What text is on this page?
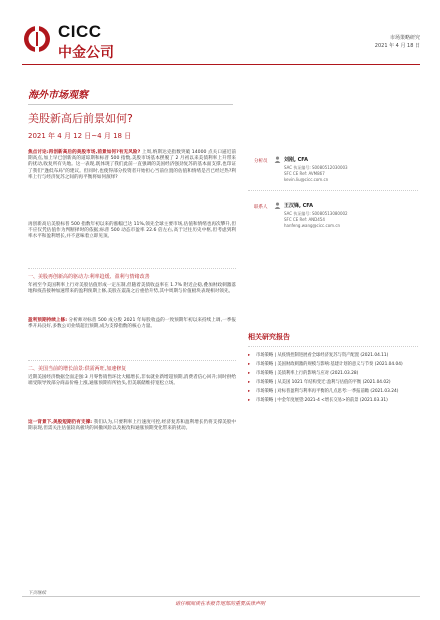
CICC
中金公司
市场策略研究
2021 年 4 月 18 日
海外市场观察
美股新高后前景如何?
2021 年 4 月 12 日~4 月 18 日
焦点讨论:再创新高后的美股市场,前景如何?有无风险? 上周,纳斯达克指数突破 14000 点关口逼近前期高点,加上早已创新高的道琼斯和标普 500 指数,美股市场基本摆脱了 2 月初以来美债利率上升带来的扰动,收复所有失地。这一表现,既体现了我们此前一直强调的美国经济强劲复苏的基本面支撑,也印证了我们“逢低布局”的建议。但同时,也使得部分投资者开始担心当前位置的估值和情绪是否已经过热?利率上行与经济复苏之间的再平衡将如何演绎?
再创新高后美股标普 500 指数年初以来的涨幅已达 11%,领先全球主要市场,估值和情绪也再次攀升,但不应仅凭估值作为判断择时的依据;标普 500 动态市盈率 22.6 倍左右,高于过往历史中枢,但考虑到利率水平和盈利增长,并不意味着立即见顶。
一、美股再创新高的驱动力:利率趋缓、盈利与情绪改善
年初至今美国利率上行对美股估值形成一定压制,但随着美债收益率在 1.7% 附近企稳,叠加财政刺激落地和疫苗接种加速带来的盈利预期上修,美股在震荡之后重拾升势,其中周期与价值板块表现相对领先。
盈利预期持续上修: 分析师对标普 500 成分股 2021 年每股收益的一致预期年初以来持续上调,一季报季开局良好,多数公司业绩超出预期,成为支撑指数的核心力量。
二、美国当前的增长前景:供需两旺,加速修复
近期美国经济数据全面走强:3 月零售销售环比大幅增长,非农就业新增超预期,消费者信心回升;同时供给端受限导致部分商品价格上涨,通胀预期有所抬头,但美联储维持宽松立场。
这一背景下,美股短期仍有支撑: 我们认为,只要利率上行速度可控,经济复苏和盈利增长仍将支撑美股中期表现,但需关注估值较高板块的回撤风险以及税改和通胀预期变化带来的扰动。
下页继续
分析员	刘刚, CFA
SAC 执证编号: S0080512030003
SFC CE Ref: AVM867
kevin.liu@cicc.com.cn
联系人	王汉锋, CFA
SAC 执证编号: S0080513080002
SFC CE Ref: AND454
hanfeng.wang@cicc.com.cn
相关研究报告
▸ 市场策略 | 从疫情控制进展看全球经济复苏与资产配置 (2021.04.11)
▸ 市场策略 | 美国财政刺激的规模与影响:基建计划的意义与节奏 (2021.04.04)
▸ 市场策略 | 美债利率上行的影响与应对 (2021.03.28)
▸ 市场策略 | 从美国 1021 年结构变迁:盈利与估值的平衡 (2021.04.02)
▸ 市场策略 | 对标普盈利与利率再平衡的几点思考:一季报前瞻 (2021.03.24)
▸ 市场策略 | 中金年度展望:2021-4 <增长交易>的前景 (2021.03.31)
请仔细阅读在本报告尾部的重要法律声明
